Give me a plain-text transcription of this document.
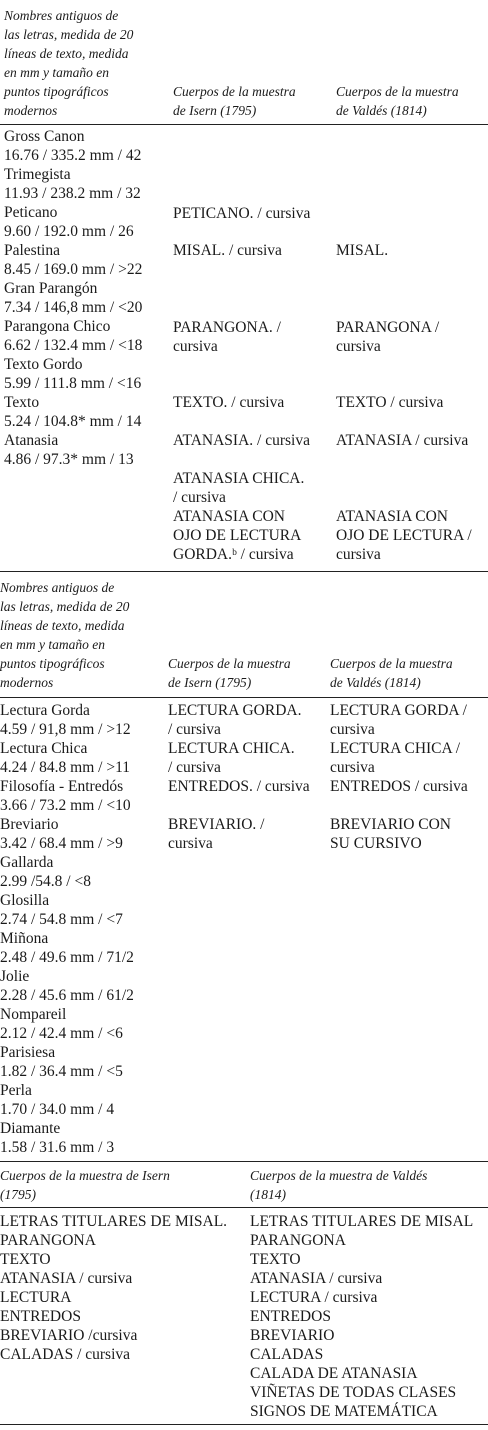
Nombres antiguos de
las letras, medida de 20
líneas de texto, medida
en mm y tamaño en
puntos tipográficos
modernos
Cuerpos de la muestra
de Isern (1795)
Cuerpos de la muestra
de Valdés (1814)
Gross Canon
16.76 / 335.2 mm / 42
Trimegista
11.93 / 238.2 mm / 32
Peticano
9.60 / 192.0 mm / 26
Palestina
8.45 / 169.0 mm / >22
Gran Parangón
7.34 / 146,8 mm / <20
Parangona Chico
6.62 / 132.4 mm / <18
Texto Gordo
5.99 / 111.8 mm / <16
Texto
5.24 / 104.8* mm / 14
Atanasia
4.86 / 97.3* mm / 13
PETICANO. / cursiva
MISAL. / cursiva
PARANGONA. /
cursiva
TEXTO. / cursiva
ATANASIA. / cursiva
ATANASIA CHICA.
/ cursiva
ATANASIA CON
OJO DE LECTURA
GORDA.ᵇ / cursiva
MISAL.
PARANGONA /
cursiva
TEXTO / cursiva
ATANASIA / cursiva
ATANASIA CON
OJO DE LECTURA /
cursiva
Nombres antiguos de
las letras, medida de 20
líneas de texto, medida
en mm y tamaño en
puntos tipográficos
modernos
Cuerpos de la muestra
de Isern (1795)
Cuerpos de la muestra
de Valdés (1814)
Lectura Gorda
4.59 / 91,8 mm / >12
Lectura Chica
4.24 / 84.8 mm / >11
Filosofía - Entredós
3.66 / 73.2 mm / <10
Breviario
3.42 / 68.4 mm / >9
Gallarda
2.99 /54.8 / <8
Glosilla
2.74 / 54.8 mm / <7
Miñona
2.48 / 49.6 mm / 71/2
Jolie
2.28 / 45.6 mm / 61/2
Nompareil
2.12 / 42.4 mm / <6
Parisiesa
1.82 / 36.4 mm / <5
Perla
1.70 / 34.0 mm / 4
Diamante
1.58 / 31.6 mm / 3
LECTURA GORDA.
/ cursiva
LECTURA CHICA.
/ cursiva
ENTREDOS. / cursiva
BREVIARIO. /
cursiva
LECTURA GORDA /
cursiva
LECTURA CHICA /
cursiva
ENTREDOS / cursiva
BREVIARIO CON
SU CURSIVO
Cuerpos de la muestra de Isern
(1795)
Cuerpos de la muestra de Valdés
(1814)
LETRAS TITULARES DE MISAL.
PARANGONA
TEXTO
ATANASIA / cursiva
LECTURA
ENTREDOS
BREVIARIO /cursiva
CALADAS / cursiva
LETRAS TITULARES DE MISAL
PARANGONA
TEXTO
ATANASIA / cursiva
LECTURA / cursiva
ENTREDOS
BREVIARIO
CALADAS
CALADA DE ATANASIA
VIÑETAS DE TODAS CLASES
SIGNOS DE MATEMÁTICA
